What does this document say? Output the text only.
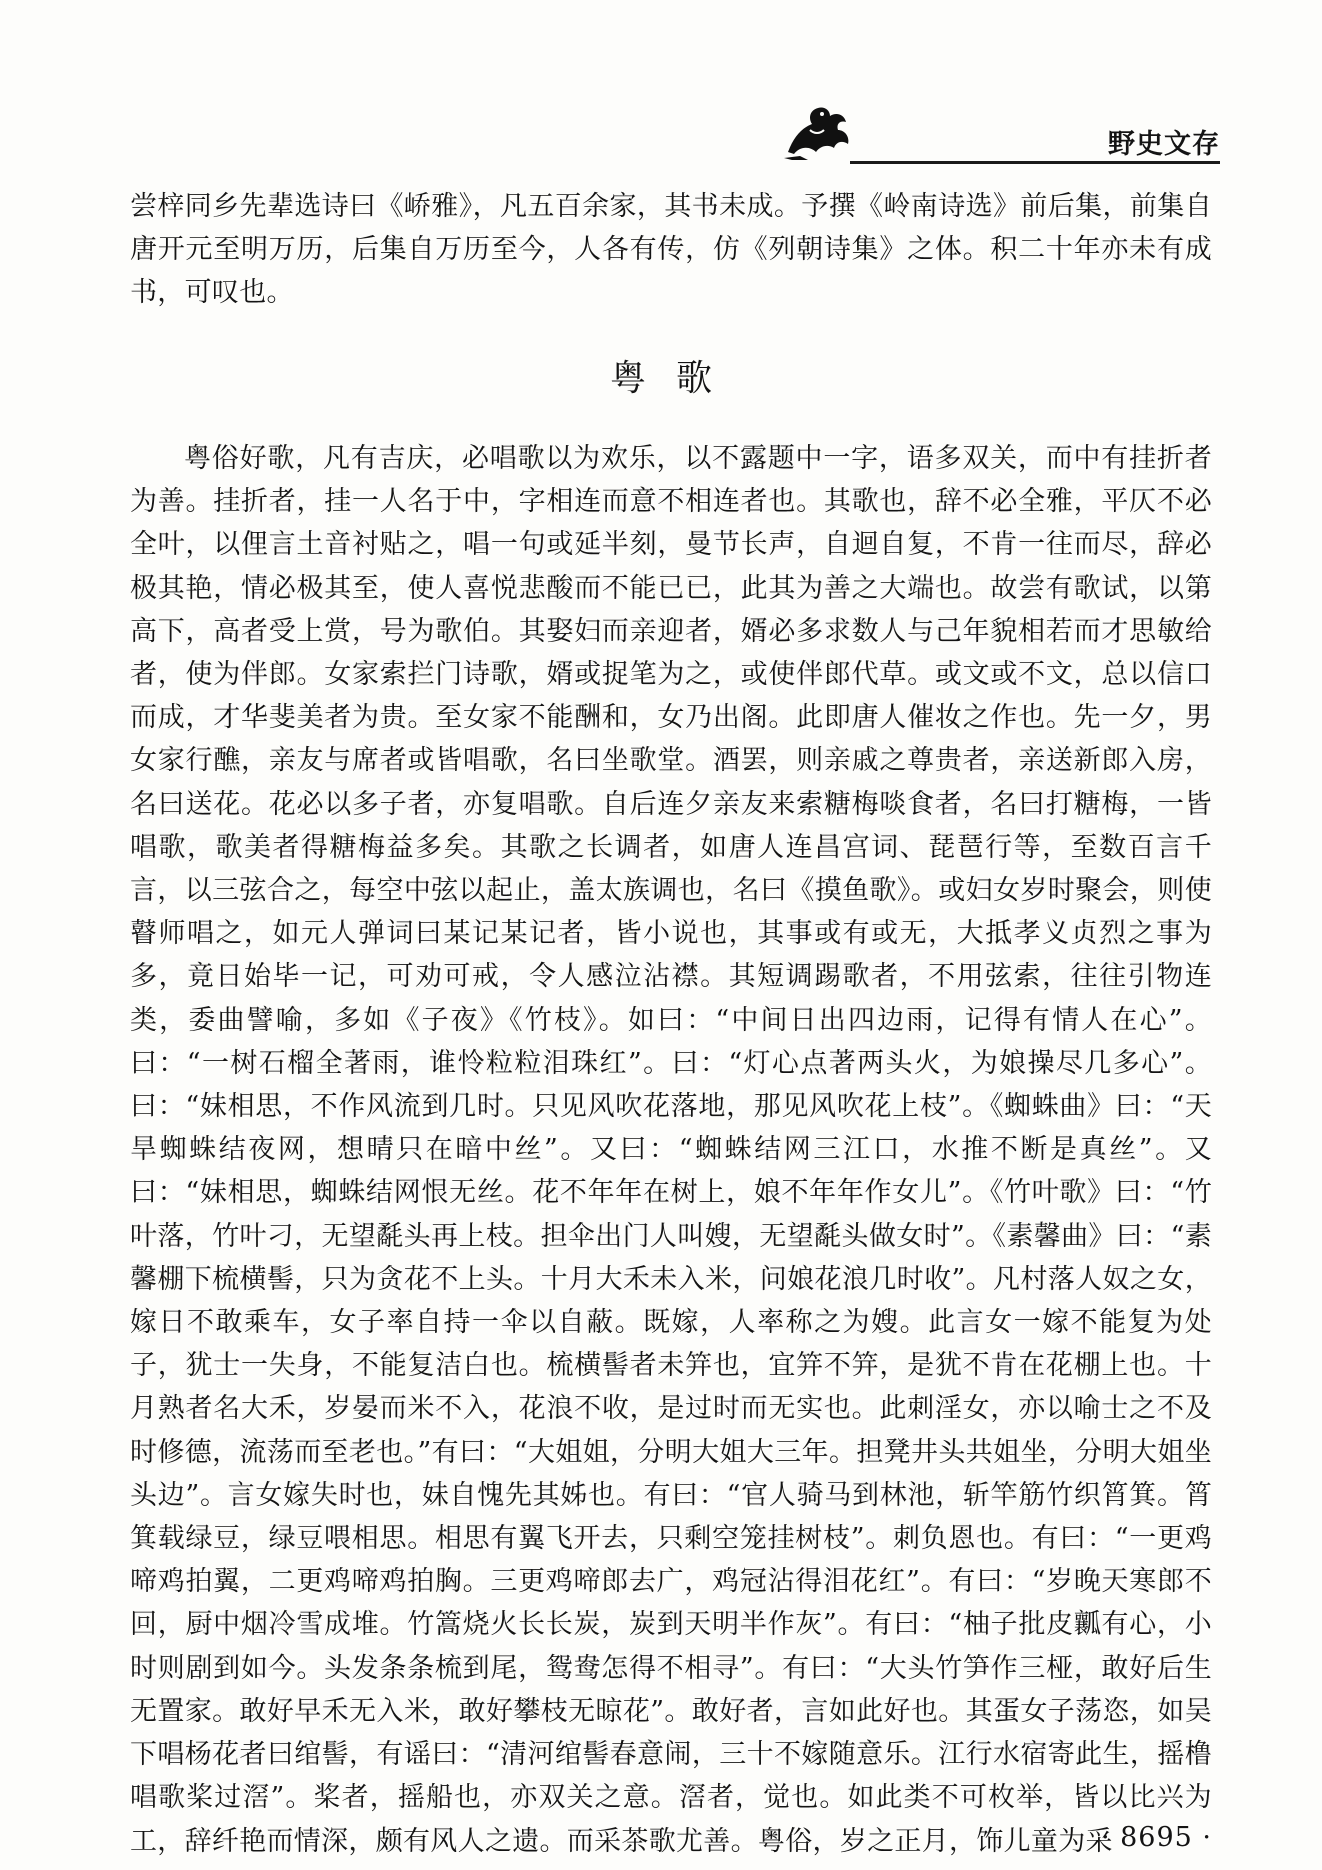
野史文存

尝梓同乡先辈选诗曰《峤雅》，凡五百余家，其书未成。予撰《岭南诗选》前后集，前集自唐开元至明万历，后集自万历至今，人各有传，仿《列朝诗集》之体。积二十年亦未有成书，可叹也。

粤歌

粤俗好歌，凡有吉庆，必唱歌以为欢乐，以不露题中一字，语多双关，而中有挂折者为善。挂折者，挂一人名于中，字相连而意不相连者也。其歌也，辞不必全雅，平仄不必全叶，以俚言土音衬贴之，唱一句或延半刻，曼节长声，自迴自复，不肯一往而尽，辞必极其艳，情必极其至，使人喜悦悲酸而不能已已，此其为善之大端也。故尝有歌试，以第高下，高者受上赏，号为歌伯。其娶妇而亲迎者，婿必多求数人与己年貌相若而才思敏给者，使为伴郎。女家索拦门诗歌，婿或捉笔为之，或使伴郎代草。或文或不文，总以信口而成，才华斐美者为贵。至女家不能酬和，女乃出阁。此即唐人催妆之作也。先一夕，男女家行醮，亲友与席者或皆唱歌，名曰坐歌堂。酒罢，则亲戚之尊贵者，亲送新郎入房，名曰送花。花必以多子者，亦复唱歌。自后连夕亲友来索糖梅啖食者，名曰打糖梅，一皆唱歌，歌美者得糖梅益多矣。其歌之长调者，如唐人连昌宫词、琵琶行等，至数百言千言，以三弦合之，每空中弦以起止，盖太族调也，名曰《摸鱼歌》。或妇女岁时聚会，则使瞽师唱之，如元人弹词曰某记某记者，皆小说也，其事或有或无，大抵孝义贞烈之事为多，竟日始毕一记，可劝可戒，令人感泣沾襟。其短调踢歌者，不用弦索，往往引物连类，委曲譬喻，多如《子夜》《竹枝》。如曰：“中间日出四边雨，记得有情人在心”。曰：“一树石榴全著雨，谁怜粒粒泪珠红”。曰：“灯心点著两头火，为娘操尽几多心”。曰：“妹相思，不作风流到几时。只见风吹花落地，那见风吹花上枝”。《蜘蛛曲》曰：“天旱蜘蛛结夜网，想晴只在暗中丝”。又曰：“蜘蛛结网三江口，水推不断是真丝”。又曰：“妹相思，蜘蛛结网恨无丝。花不年年在树上，娘不年年作女儿”。《竹叶歌》曰：“竹叶落，竹叶刁，无望氄头再上枝。担伞出门人叫嫂，无望氄头做女时”。《素馨曲》曰：“素馨棚下梳横髻，只为贪花不上头。十月大禾未入米，问娘花浪几时收”。凡村落人奴之女，嫁日不敢乘车，女子率自持一伞以自蔽。既嫁，人率称之为嫂。此言女一嫁不能复为处子，犹士一失身，不能复洁白也。梳横髻者未笄也，宜笄不笄，是犹不肯在花棚上也。十月熟者名大禾，岁晏而米不入，花浪不收，是过时而无实也。此刺淫女，亦以喻士之不及时修德，流荡而至老也。”有曰：“大姐姐，分明大姐大三年。担凳井头共姐坐，分明大姐坐头边”。言女嫁失时也，妹自愧先其姊也。有曰：“官人骑马到林池，斩竿筋竹织筲箕。筲箕载绿豆，绿豆喂相思。相思有翼飞开去，只剩空笼挂树枝”。刺负恩也。有曰：“一更鸡啼鸡拍翼，二更鸡啼鸡拍胸。三更鸡啼郎去广，鸡冠沾得泪花红”。有曰：“岁晚天寒郎不回，厨中烟冷雪成堆。竹篙烧火长长炭，炭到天明半作灰”。有曰：“柚子批皮瓤有心，小时则剧到如今。头发条条梳到尾，鸳鸯怎得不相寻”。有曰：“大头竹笋作三桠，敢好后生无置家。敢好早禾无入米，敢好攀枝无晾花”。敢好者，言如此好也。其蛋女子荡恣，如吴下唱杨花者曰绾髻，有谣曰：“清河绾髻春意闹，三十不嫁随意乐。江行水宿寄此生，摇橹唱歌桨过滘”。桨者，摇船也，亦双关之意。滘者，觉也。如此类不可枚举，皆以比兴为工，辞纤艳而情深，颇有风人之遗。而采茶歌尤善。粤俗，岁之正月，饰儿童为采

· 8695 ·
